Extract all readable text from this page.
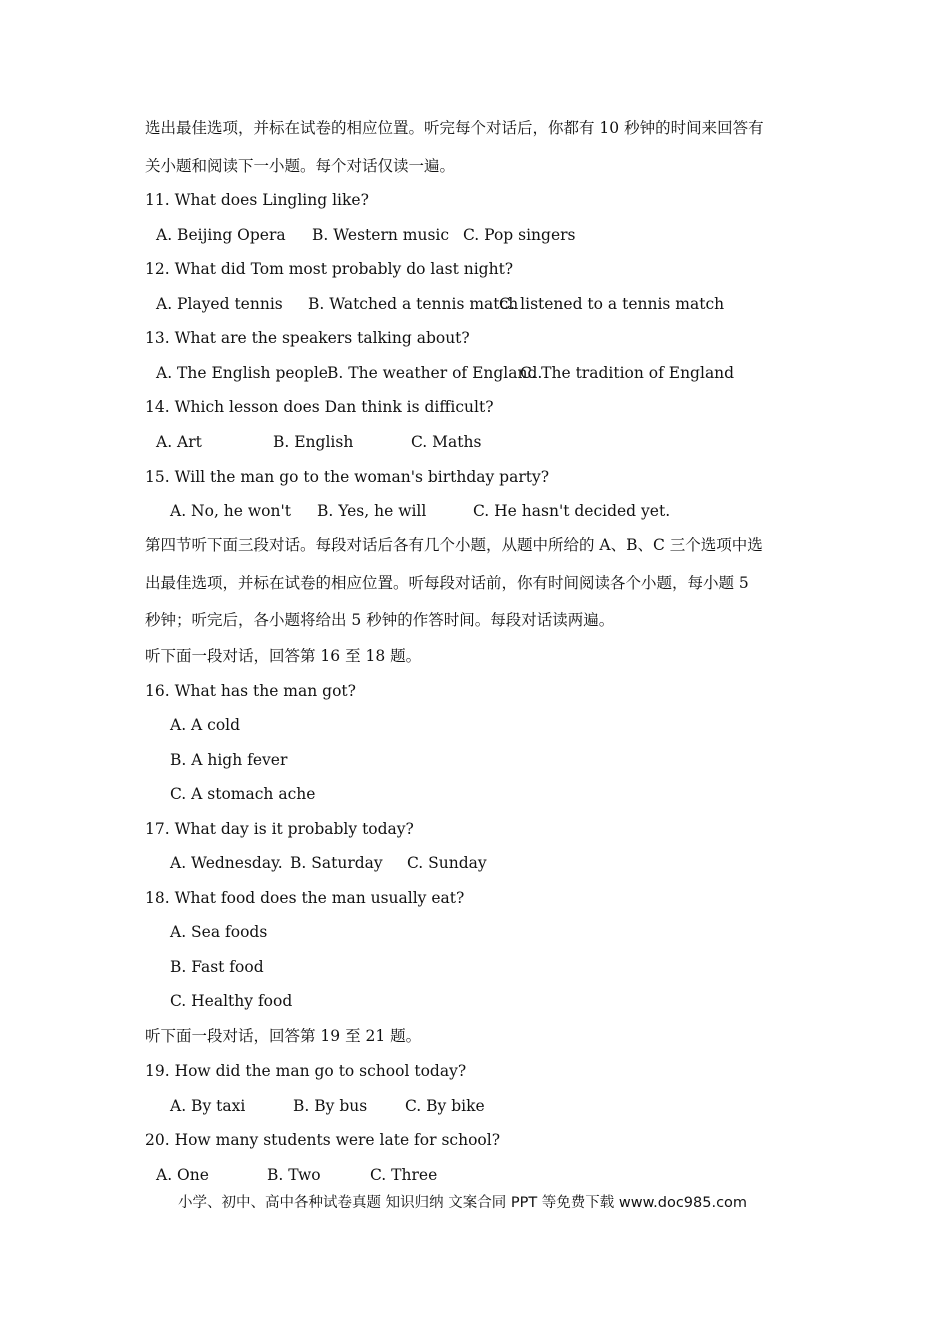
选出最佳选项，并标在试卷的相应位置。听完每个对话后，你都有 10 秒钟的时间来回答有
关小题和阅读下一小题。每个对话仅读一遍。
11. What does Lingling like?
A. Beijing Opera B. Western music C. Pop singers
12. What did Tom most probably do last night?
A. Played tennis B. Watched a tennis match
C. listened to a tennis match
13. What are the speakers talking about?
A. The English people B. The weather of England.
C. The tradition of England
14. Which lesson does Dan think is difficult?
A. Art	B. English	C. Maths
15. Will the man go to the woman's birthday party?
A. No, he won't B. Yes, he will	C. He hasn't decided yet.
第四节听下面三段对话。每段对话后各有几个小题，从题中所给的 A、B、C 三个选项中选
出最佳选项，并标在试卷的相应位置。听每段对话前，你有时间阅读各个小题，每小题 5
秒钟；听完后，各小题将给出 5 秒钟的作答时间。每段对话读两遍。
听下面一段对话，回答第 16 至 18 题。
16. What has the man got?
A. A cold
B. A high fever
C. A stomach ache
17. What day is it probably today?
A. Wednesday. B. Saturday C. Sunday
18. What food does the man usually eat?
A. Sea foods
B. Fast food
C. Healthy food
听下面一段对话，回答第 19 至 21 题。
19. How did the man go to school today?
A. By taxi	B. By bus C. By bike
20. How many students were late for school?
A. One	B. Two	C. Three
小学、初中、高中各种试卷真题 知识归纳 文案合同 PPT 等免费下载 www.doc985.com
